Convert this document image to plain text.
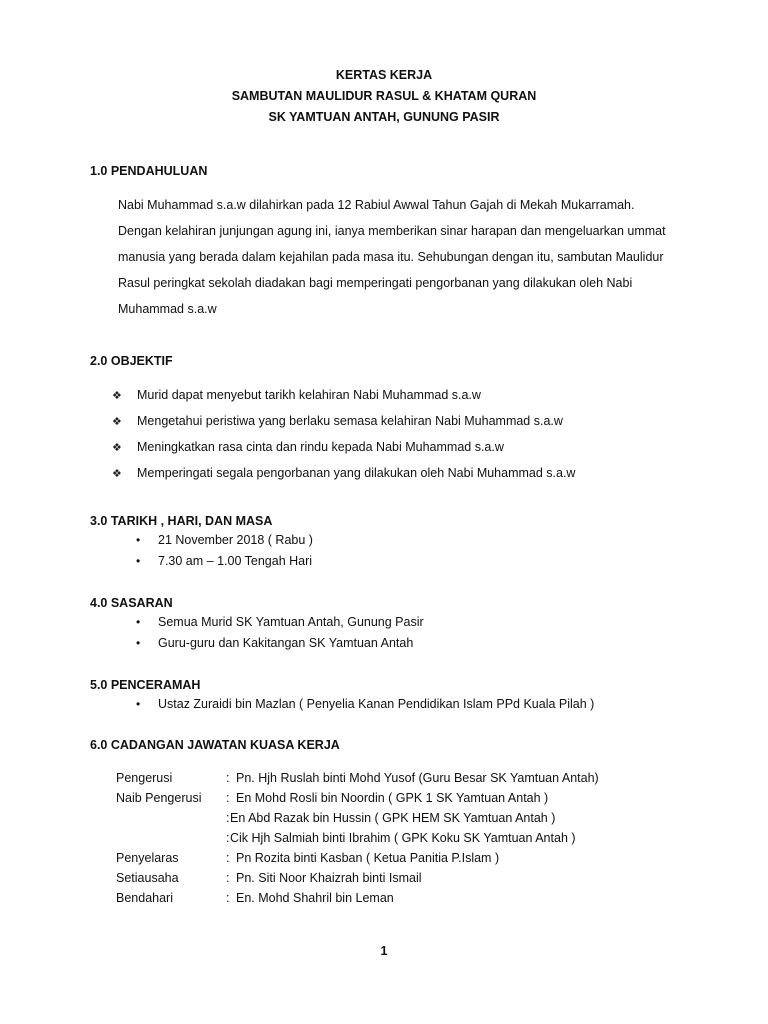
KERTAS KERJA
SAMBUTAN MAULIDUR RASUL & KHATAM QURAN
SK YAMTUAN ANTAH, GUNUNG PASIR
1.0 PENDAHULUAN
Nabi Muhammad s.a.w dilahirkan pada 12 Rabiul Awwal Tahun Gajah di Mekah Mukarramah.
Dengan kelahiran junjungan agung ini, ianya memberikan sinar harapan dan mengeluarkan ummat
manusia yang berada dalam kejahilan pada masa itu. Sehubungan dengan itu, sambutan Maulidur
Rasul peringkat sekolah diadakan bagi memperingati pengorbanan yang dilakukan oleh Nabi
Muhammad s.a.w
2.0 OBJEKTIF
❖ Murid dapat menyebut tarikh kelahiran Nabi Muhammad s.a.w
❖ Mengetahui peristiwa yang berlaku semasa kelahiran Nabi Muhammad s.a.w
❖ Meningkatkan rasa cinta dan rindu kepada Nabi Muhammad s.a.w
❖ Memperingati segala pengorbanan yang dilakukan oleh Nabi Muhammad s.a.w
3.0 TARIKH , HARI, DAN MASA
• 21 November 2018 ( Rabu )
• 7.30 am – 1.00 Tengah Hari
4.0 SASARAN
• Semua Murid SK Yamtuan Antah, Gunung Pasir
• Guru-guru dan Kakitangan SK Yamtuan Antah
5.0 PENCERAMAH
• Ustaz Zuraidi bin Mazlan ( Penyelia Kanan Pendidikan Islam PPd Kuala Pilah )
6.0 CADANGAN JAWATAN KUASA KERJA
Pengerusi	: Pn. Hjh Ruslah binti Mohd Yusof (Guru Besar SK Yamtuan Antah)
Naib Pengerusi : En Mohd Rosli bin Noordin ( GPK 1 SK Yamtuan Antah )
: En Abd Razak bin Hussin ( GPK HEM SK Yamtuan Antah )
: Cik Hjh Salmiah binti Ibrahim ( GPK Koku SK Yamtuan Antah )
Penyelaras	: Pn Rozita binti Kasban ( Ketua Panitia P.Islam )
Setiausaha	: Pn. Siti Noor Khaizrah binti Ismail
Bendahari	: En. Mohd Shahril bin Leman
1
